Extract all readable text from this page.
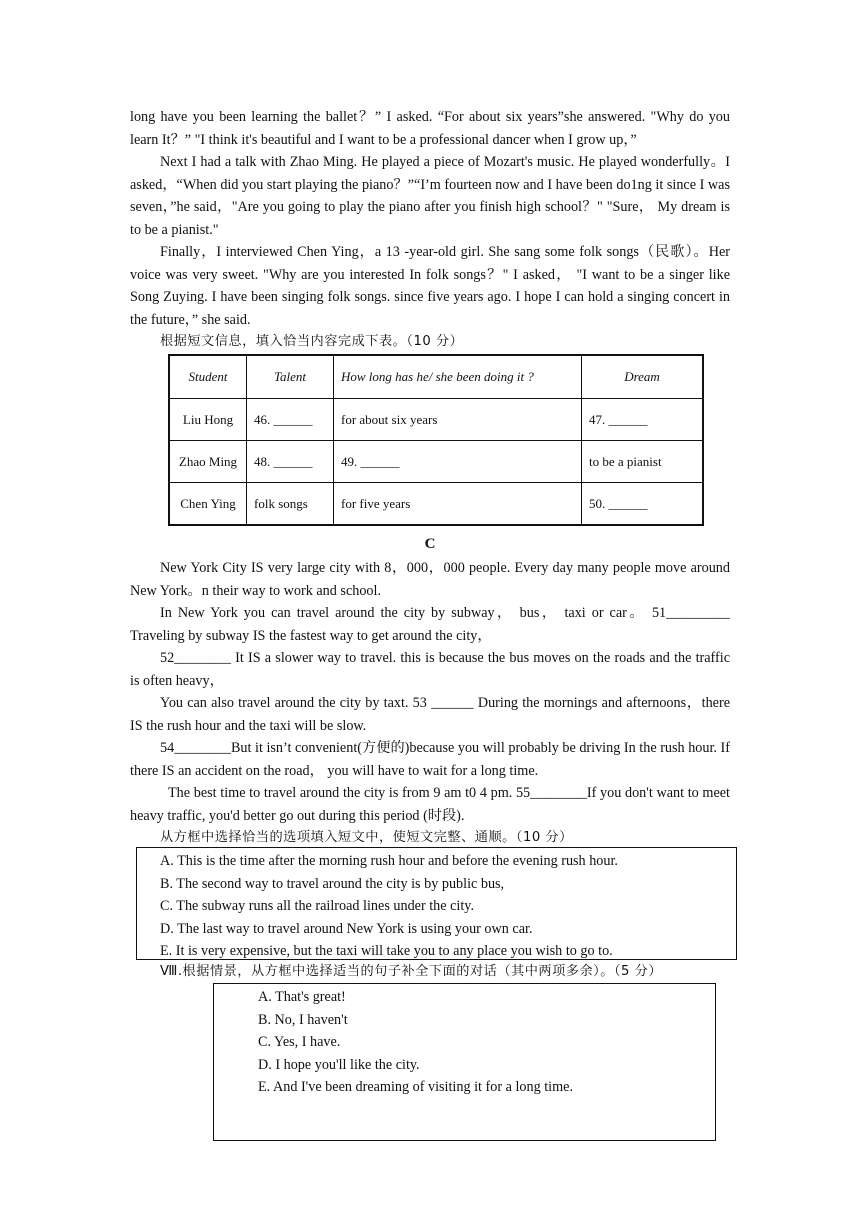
long have you been learning the ballet？” I asked. “For about six years”she answered. "Why do you learn It？” "I think it's beautiful and I want to be a professional dancer when I grow up，”

Next I had a talk with Zhao Ming. He played a piece of Mozart's music. He played wonderfully。I asked，“When did you start playing the piano？”“I’m fourteen now and I have been do1ng it since I was seven，”he said，"Are you going to play the piano after you finish high school？" "Sure， My dream is to be a pianist."

Finally，I interviewed Chen Ying，a 13 -year-old girl. She sang some folk songs（民歌）。Her voice was very sweet. "Why are you interested In folk songs？" I asked， "I want to be a singer like Song Zuying. I have been singing folk songs. since five years ago. I hope I can hold a singing concert in the future，” she said.

根据短文信息，填入恰当内容完成下表。（10 分）

Student	Talent	How long has he/ she been doing it ?	Dream
Liu Hong	46. ______	for about six years	47. ______
Zhao Ming	48. ______	49. ______	to be a pianist
Chen Ying	folk songs	for five years	50. ______

C

New York City IS very large city with 8，000，000 people. Every day many people move around New York。n their way to work and school.

In New York you can travel around the city by subway， bus， taxi or car。 51_________ Traveling by subway IS the fastest way to get around the city，

52________ It IS a slower way to travel. this is because the bus moves on the roads and the traffic is often heavy，

You can also travel around the city by taxt. 53 ______ During the mornings and afternoons，there IS the rush hour and the taxi will be slow.

54________But it isn’t convenient(方便的)because you will probably be driving In the rush hour. If there IS an accident on the road， you will have to wait for a long time.

The best time to travel around the city is from 9 am t0 4 pm. 55________If you don't want to meet heavy traffic, you'd better go out during this period (时段).

从方框中选择恰当的选项填入短文中，使短文完整、通顺。（10 分）

A. This is the time after the morning rush hour and before the evening rush hour.

B. The second way to travel around the city is by public bus,

C. The subway runs all the railroad lines under the city.

D. The last way to travel around New York is using your own car.

E. It is very expensive, but the taxi will take you to any place you wish to go to.

Ⅷ.根据情景，从方框中选择适当的句子补全下面的对话（其中两项多余）。（5 分）

A. That's great!

B. No, I haven't

C. Yes, I have.

D. I hope you'll like the city.

E. And I've been dreaming of visiting it for a long time.
